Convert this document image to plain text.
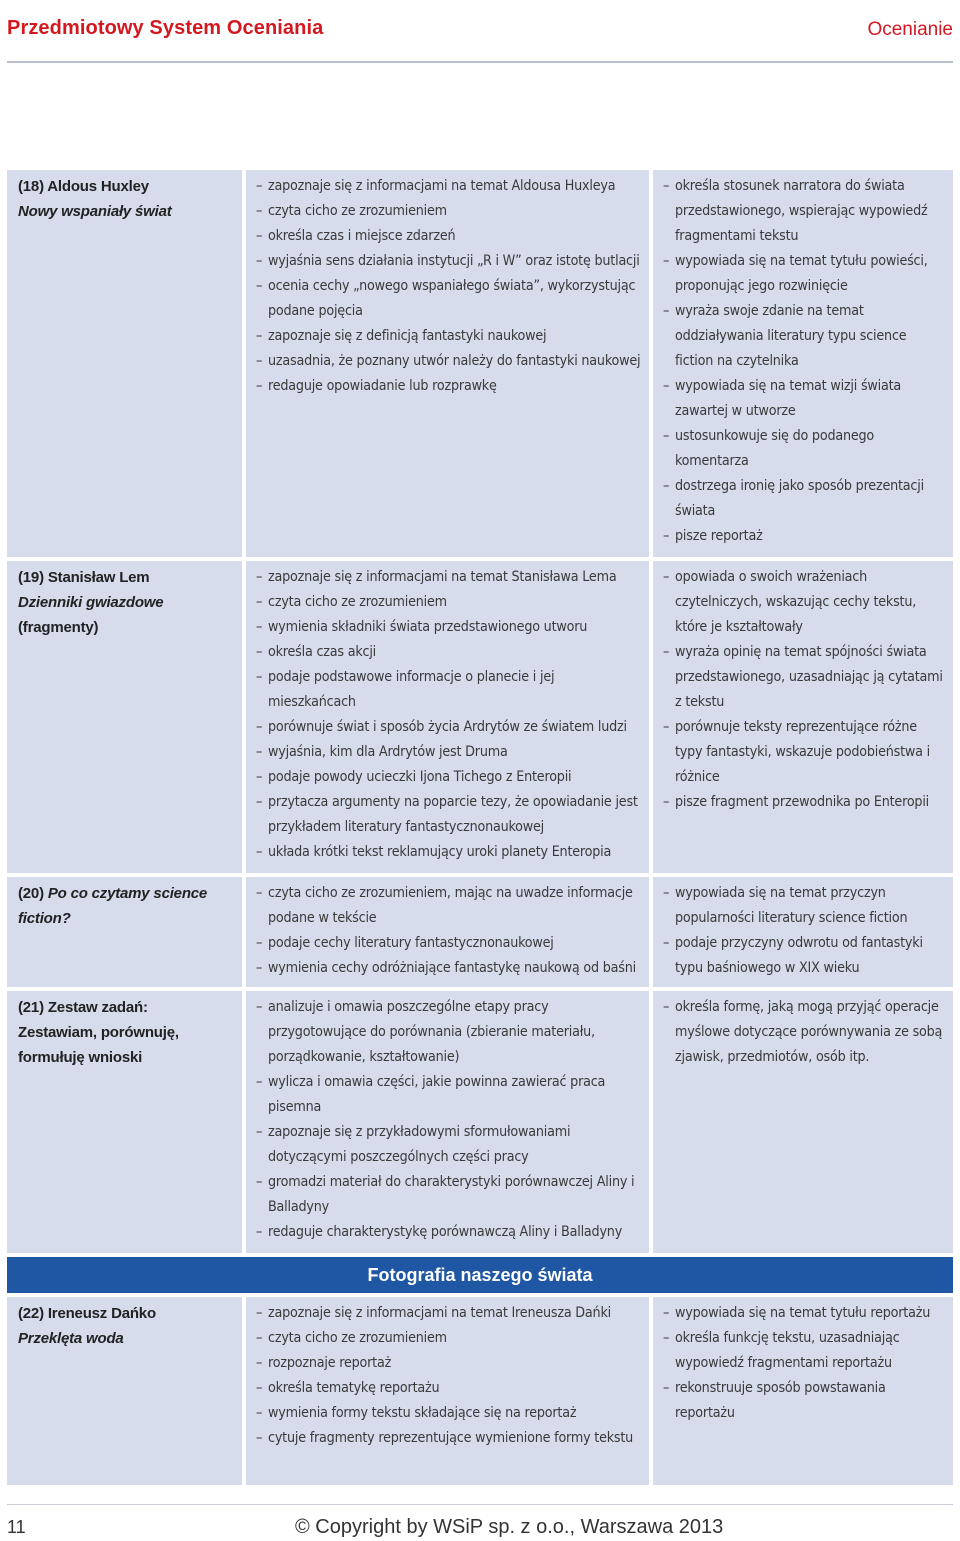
Przedmiotowy System Oceniania	Ocenianie
(18) Aldous Huxley
Nowy wspaniały świat
– zapoznaje się z informacjami na temat Aldousa Huxleya
– czyta cicho ze zrozumieniem
– określa czas i miejsce zdarzeń
– wyjaśnia sens działania instytucji „R i W” oraz istotę butlacji
– ocenia cechy „nowego wspaniałego świata”, wykorzystując podane pojęcia
– zapoznaje się z definicją fantastyki naukowej
– uzasadnia, że poznany utwór należy do fantastyki naukowej
– redaguje opowiadanie lub rozprawkę
– określa stosunek narratora do świata przedstawionego, wspierając wypowiedź fragmentami tekstu
– wypowiada się na temat tytułu powieści, proponując jego rozwinięcie
– wyraża swoje zdanie na temat oddziaływania literatury typu science fiction na czytelnika
– wypowiada się na temat wizji świata zawartej w utworze
– ustosunkowuje się do podanego komentarza
– dostrzega ironię jako sposób prezentacji świata
– pisze reportaż
(19) Stanisław Lem
Dzienniki gwiazdowe
(fragmenty)
– zapoznaje się z informacjami na temat Stanisława Lema
– czyta cicho ze zrozumieniem
– wymienia składniki świata przedstawionego utworu
– określa czas akcji
– podaje podstawowe informacje o planecie i jej mieszkańcach
– porównuje świat i sposób życia Ardrytów ze światem ludzi
– wyjaśnia, kim dla Ardrytów jest Druma
– podaje powody ucieczki Ijona Tichego z Enteropii
– przytacza argumenty na poparcie tezy, że opowiadanie jest przykładem literatury fantastycznonaukowej
– układa krótki tekst reklamujący uroki planety Enteropia
– opowiada o swoich wrażeniach czytelniczych, wskazując cechy tekstu, które je kształtowały
– wyraża opinię na temat spójności świata przedstawionego, uzasadniając ją cytatami z tekstu
– porównuje teksty reprezentujące różne typy fantastyki, wskazuje podobieństwa i różnice
– pisze fragment przewodnika po Enteropii
(20) Po co czytamy science fiction?
– czyta cicho ze zrozumieniem, mając na uwadze informacje podane w tekście
– podaje cechy literatury fantastycznonaukowej
– wymienia cechy odróżniające fantastykę naukową od baśni
– wypowiada się na temat przyczyn popularności literatury science fiction
– podaje przyczyny odwrotu od fantastyki typu baśniowego w XIX wieku
(21) Zestaw zadań:
Zestawiam, porównuję, formułuję wnioski
– analizuje i omawia poszczególne etapy pracy przygotowujące do porównania (zbieranie materiału, porządkowanie, kształtowanie)
– wylicza i omawia części, jakie powinna zawierać praca pisemna
– zapoznaje się z przykładowymi sformułowaniami dotyczącymi poszczególnych części pracy
– gromadzi materiał do charakterystyki porównawczej Aliny i Balladyny
– redaguje charakterystykę porównawczą Aliny i Balladyny
– określa formę, jaką mogą przyjąć operacje myślowe dotyczące porównywania ze sobą zjawisk, przedmiotów, osób itp.
Fotografia naszego świata
(22) Ireneusz Dańko
Przeklęta woda
– zapoznaje się z informacjami na temat Ireneusza Dańki
– czyta cicho ze zrozumieniem
– rozpoznaje reportaż
– określa tematykę reportażu
– wymienia formy tekstu składające się na reportaż
– cytuje fragmenty reprezentujące wymienione formy tekstu
– wypowiada się na temat tytułu reportażu
– określa funkcję tekstu, uzasadniając wypowiedź fragmentami reportażu
– rekonstruuje sposób powstawania reportażu
11	© Copyright by WSiP sp. z o.o., Warszawa 2013
